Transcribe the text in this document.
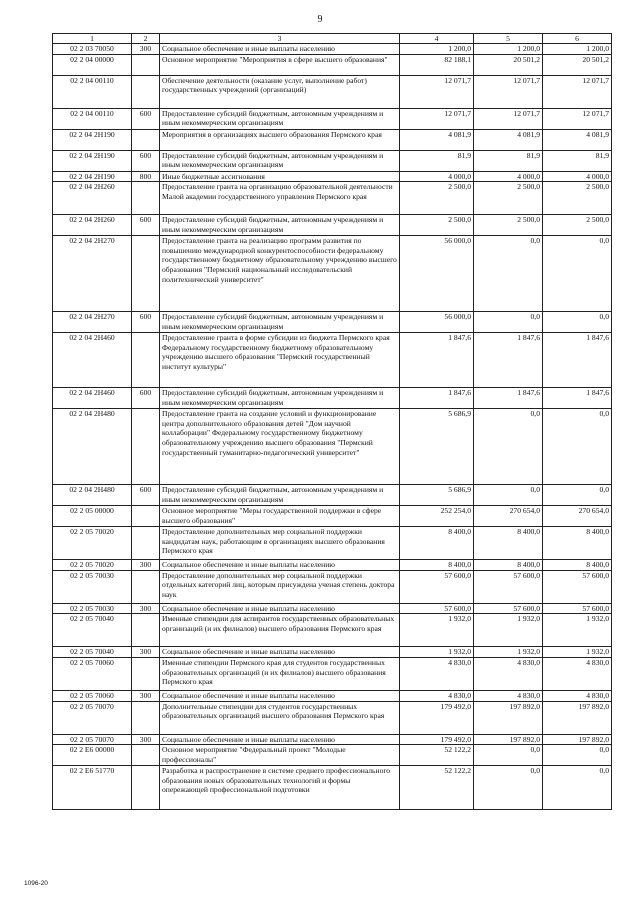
9
1	2	3	4	5	6
02 2 03 70050	300	Социальное обеспечение и иные выплаты населению	1 200,0	1 200,0	1 200,0
02 2 04 00000		Основное мероприятие "Мероприятия в сфере высшего образования"	82 188,1	20 501,2	20 501,2
02 2 04 00110		Обеспечение деятельности (оказание услуг, выполнение работ) государственных учреждений (организаций)	12 071,7	12 071,7	12 071,7
02 2 04 00110	600	Предоставление субсидий бюджетным, автономным учреждениям и иным некоммерческим организациям	12 071,7	12 071,7	12 071,7
02 2 04 2Н190		Мероприятия в организациях высшего образования Пермского края	4 081,9	4 081,9	4 081,9
02 2 04 2Н190	600	Предоставление субсидий бюджетным, автономным учреждениям и иным некоммерческим организациям	81,9	81,9	81,9
02 2 04 2Н190	800	Иные бюджетные ассигнования	4 000,0	4 000,0	4 000,0
02 2 04 2Н260		Предоставление гранта на организацию образовательной деятельности Малой академии государственного управления Пермского края	2 500,0	2 500,0	2 500,0
02 2 04 2Н260	600	Предоставление субсидий бюджетным, автономным учреждениям и иным некоммерческим организациям	2 500,0	2 500,0	2 500,0
02 2 04 2Н270		Предоставление гранта на реализацию программ развития по повышению международной конкурентоспособности федеральному государственному бюджетному образовательному учреждению высшего образования "Пермский национальный исследовательский политехнический университет"	56 000,0	0,0	0,0
02 2 04 2Н270	600	Предоставление субсидий бюджетным, автономным учреждениям и иным некоммерческим организациям	56 000,0	0,0	0,0
02 2 04 2Н460		Предоставление гранта в форме субсидии из бюджета Пермского края Федеральному государственному бюджетному образовательному учреждению высшего образования "Пермский государственный институт культуры"	1 847,6	1 847,6	1 847,6
02 2 04 2Н460	600	Предоставление субсидий бюджетным, автономным учреждениям и иным некоммерческим организациям	1 847,6	1 847,6	1 847,6
02 2 04 2Н480		Предоставление гранта на создание условий и функционирование центра дополнительного образования детей "Дом научной коллаборации" Федеральному государственному бюджетному образовательному учреждению высшего образования "Пермский государственный гуманитарно-педагогический университет"	5 686,9	0,0	0,0
02 2 04 2Н480	600	Предоставление субсидий бюджетным, автономным учреждениям и иным некоммерческим организациям	5 686,9	0,0	0,0
02 2 05 00000		Основное мероприятие "Меры государственной поддержки в сфере высшего образования"	252 254,0	270 654,0	270 654,0
02 2 05 70020		Предоставление дополнительных мер социальной поддержки кандидатам наук, работающим в организациях высшего образования Пермского края	8 400,0	8 400,0	8 400,0
02 2 05 70020	300	Социальное обеспечение и иные выплаты населению	8 400,0	8 400,0	8 400,0
02 2 05 70030		Предоставление дополнительных мер социальной поддержки отдельных категорий лиц, которым присуждена ученая степень доктора наук	57 600,0	57 600,0	57 600,0
02 2 05 70030	300	Социальное обеспечение и иные выплаты населению	57 600,0	57 600,0	57 600,0
02 2 05 70040		Именные стипендии для аспирантов государственных образовательных организаций (и их филиалов) высшего образования Пермского края	1 932,0	1 932,0	1 932,0
02 2 05 70040	300	Социальное обеспечение и иные выплаты населению	1 932,0	1 932,0	1 932,0
02 2 05 70060		Именные стипендии Пермского края для студентов государственных образовательных организаций (и их филиалов) высшего образования Пермского края	4 830,0	4 830,0	4 830,0
02 2 05 70060	300	Социальное обеспечение и иные выплаты населению	4 830,0	4 830,0	4 830,0
02 2 05 70070		Дополнительные стипендии для студентов государственных образовательных организаций высшего образования Пермского края	179 492,0	197 892,0	197 892,0
02 2 05 70070	300	Социальное обеспечение и иные выплаты населению	179 492,0	197 892,0	197 892,0
02 2 Е6 00000		Основное мероприятие "Федеральный проект "Молодые профессионалы"	52 122,2	0,0	0,0
02 2 Е6 51770		Разработка и распространение в системе среднего профессионального образования новых образовательных технологий и формы опережающей профессиональной подготовки	52 122,2	0,0	0,0
1096-20
